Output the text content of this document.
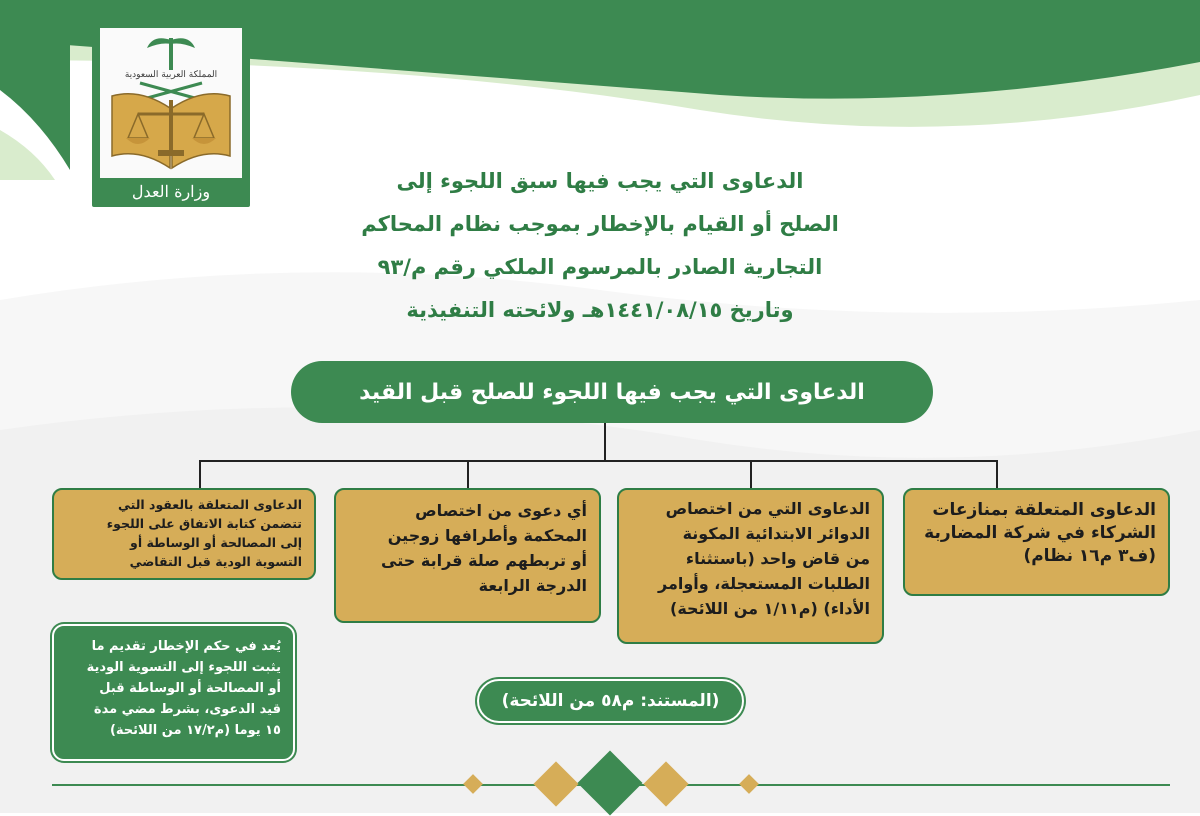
المملكة العربية السعودية
وزارة العدل	الدعاوى التي يجب فيها سبق اللجوء إلى
الصلح أو القيام بالإخطار بموجب نظام المحاكم
التجارية الصادر بالمرسوم الملكي رقم م/٩٣
وتاريخ ١٤٤١/٠٨/١٥هـ ولائحته التنفيذية
الدعاوى التي يجب فيها اللجوء للصلح قبل القيد
الدعاوى المتعلقة بمنازعات
الشركاء في شركة المضاربة
(ف٣ م١٦ نظام)
الدعاوى التي من اختصاص
الدوائر الابتدائية المكونة
من قاض واحد (باستثناء
الطلبات المستعجلة، وأوامر
الأداء) (م١/١١ من اللائحة)
أي دعوى من اختصاص
المحكمة وأطرافها زوجين
أو تربطهم صلة قرابة حتى
الدرجة الرابعة
الدعاوى المتعلقة بالعقود التي
تتضمن كتابة الاتفاق على اللجوء
إلى المصالحة أو الوساطة أو
التسوية الودية قبل التقاضي
يُعد في حكم الإخطار تقديم ما
يثبت اللجوء إلى التسوية الودية
أو المصالحة أو الوساطة قبل
قيد الدعوى، بشرط مضي مدة
١٥ يوما (م١٧/٢ من اللائحة)
(المستند: م٥٨ من اللائحة)
